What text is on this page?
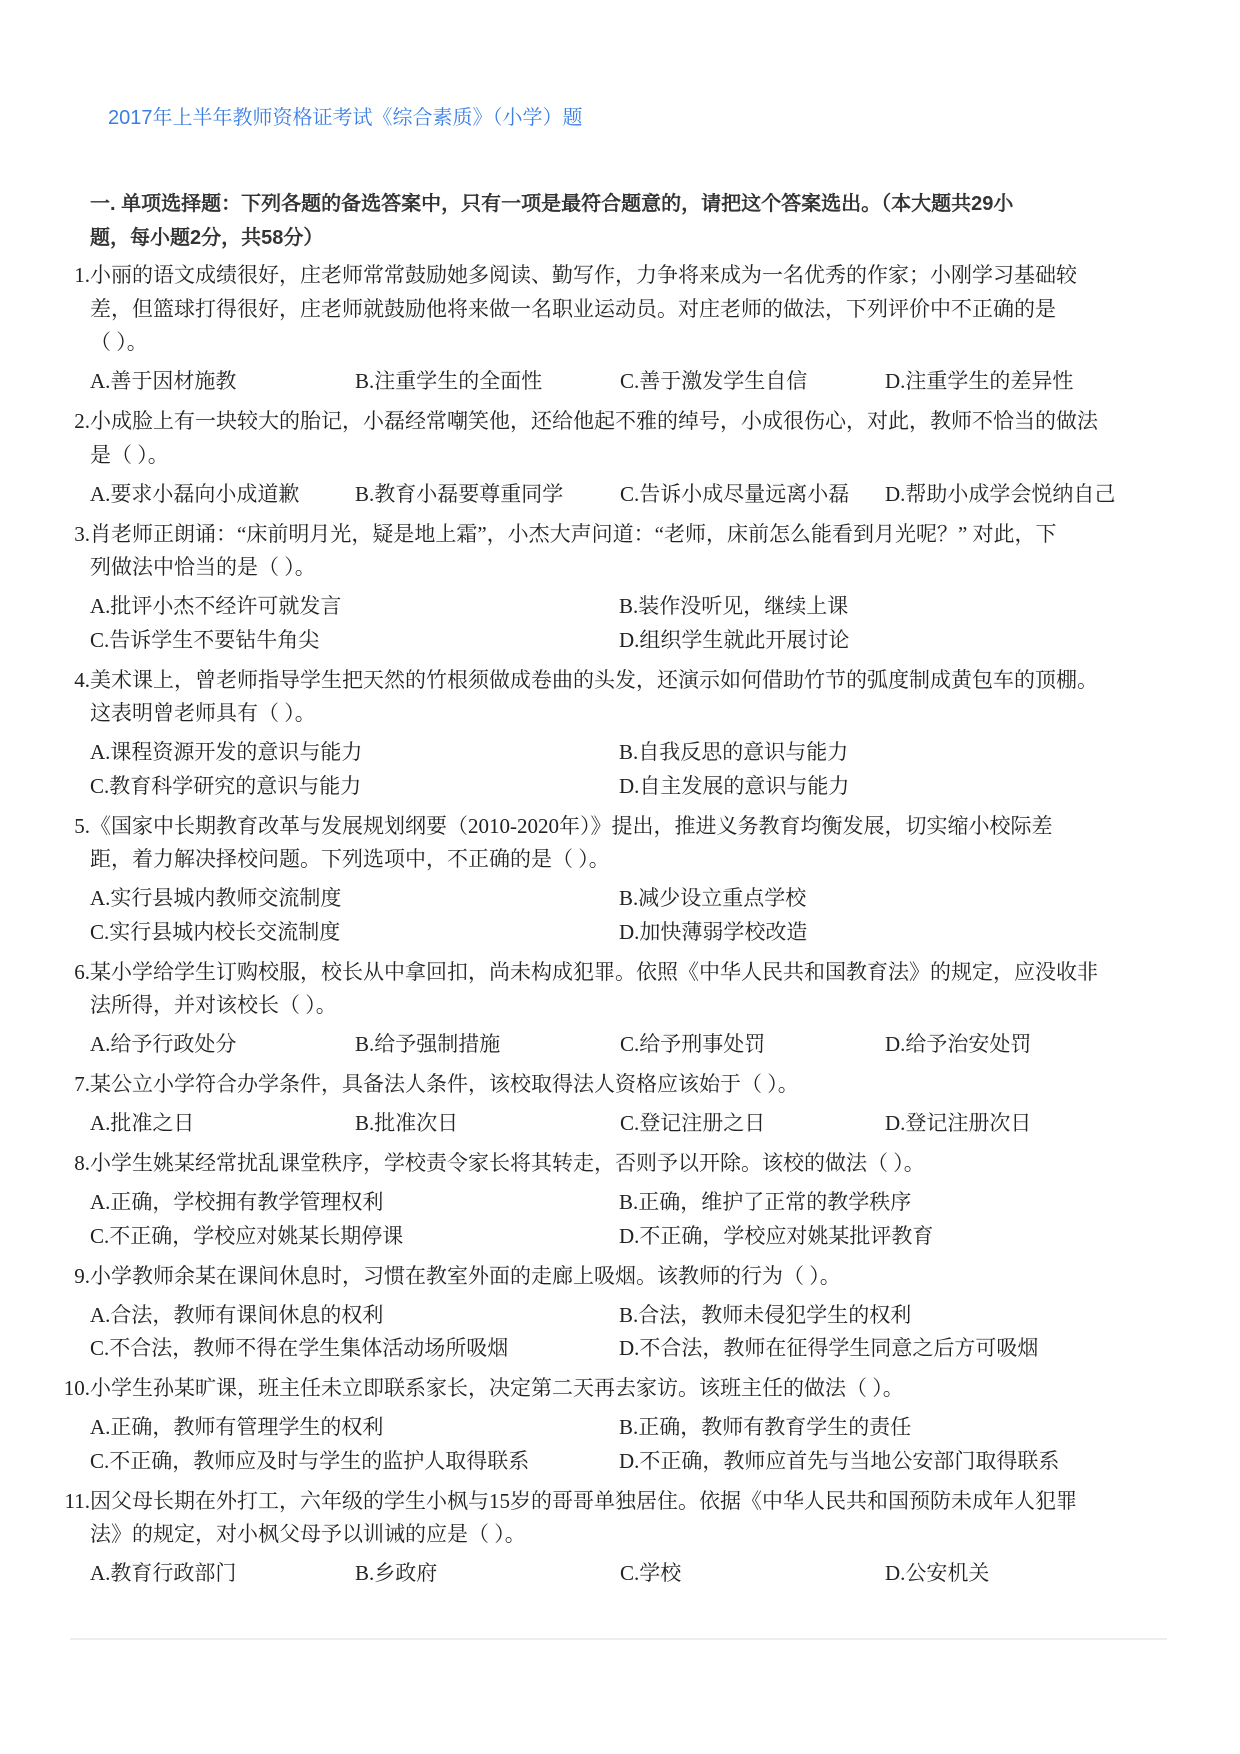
2017年上半年教师资格证考试《综合素质》（小学）题
一. 单项选择题：下列各题的备选答案中，只有一项是最符合题意的，请把这个答案选出。（本大题共29小
题，每小题2分，共58分）
1. 小丽的语文成绩很好，庄老师常常鼓励她多阅读、勤写作，力争将来成为一名优秀的作家；小刚学习基础较
差，但篮球打得很好，庄老师就鼓励他将来做一名职业运动员。对庄老师的做法，下列评价中不正确的是
（ ）。
A.善于因材施教	B.注重学生的全面性	C.善于激发学生自信	D.注重学生的差异性
2. 小成脸上有一块较大的胎记，小磊经常嘲笑他，还给他起不雅的绰号，小成很伤心，对此，教师不恰当的做法
是（ ）。
A.要求小磊向小成道歉	B.教育小磊要尊重同学	C.告诉小成尽量远离小磊	D.帮助小成学会悦纳自己
3. 肖老师正朗诵：“床前明月光，疑是地上霜”，小杰大声问道：“老师，床前怎么能看到月光呢？” 对此，下
列做法中恰当的是（ ）。
A.批评小杰不经许可就发言	B.装作没听见，继续上课
C.告诉学生不要钻牛角尖	D.组织学生就此开展讨论
4. 美术课上，曾老师指导学生把天然的竹根须做成卷曲的头发，还演示如何借助竹节的弧度制成黄包车的顶棚。
这表明曾老师具有（ ）。
A.课程资源开发的意识与能力	B.自我反思的意识与能力
C.教育科学研究的意识与能力	D.自主发展的意识与能力
5. 《国家中长期教育改革与发展规划纲要（2010-2020年）》提出，推进义务教育均衡发展，切实缩小校际差
距，着力解决择校问题。下列选项中，不正确的是（ ）。
A.实行县城内教师交流制度	B.减少设立重点学校
C.实行县城内校长交流制度	D.加快薄弱学校改造
6. 某小学给学生订购校服，校长从中拿回扣，尚未构成犯罪。依照《中华人民共和国教育法》的规定，应没收非
法所得，并对该校长（ ）。
A.给予行政处分	B.给予强制措施	C.给予刑事处罚	D.给予治安处罚
7. 某公立小学符合办学条件，具备法人条件，该校取得法人资格应该始于（ ）。
A.批准之日	B.批准次日	C.登记注册之日	D.登记注册次日
8. 小学生姚某经常扰乱课堂秩序，学校责令家长将其转走，否则予以开除。该校的做法（ ）。
A.正确，学校拥有教学管理权利	B.正确，维护了正常的教学秩序
C.不正确，学校应对姚某长期停课	D.不正确，学校应对姚某批评教育
9. 小学教师余某在课间休息时，习惯在教室外面的走廊上吸烟。该教师的行为（ ）。
A.合法，教师有课间休息的权利	B.合法，教师未侵犯学生的权利
C.不合法，教师不得在学生集体活动场所吸烟	D.不合法，教师在征得学生同意之后方可吸烟
10. 小学生孙某旷课，班主任未立即联系家长，决定第二天再去家访。该班主任的做法（ ）。
A.正确，教师有管理学生的权利	B.正确，教师有教育学生的责任
C.不正确，教师应及时与学生的监护人取得联系	D.不正确，教师应首先与当地公安部门取得联系
11. 因父母长期在外打工，六年级的学生小枫与15岁的哥哥单独居住。依据《中华人民共和国预防未成年人犯罪
法》的规定，对小枫父母予以训诫的应是（ ）。
A.教育行政部门	B.乡政府	C.学校	D.公安机关
